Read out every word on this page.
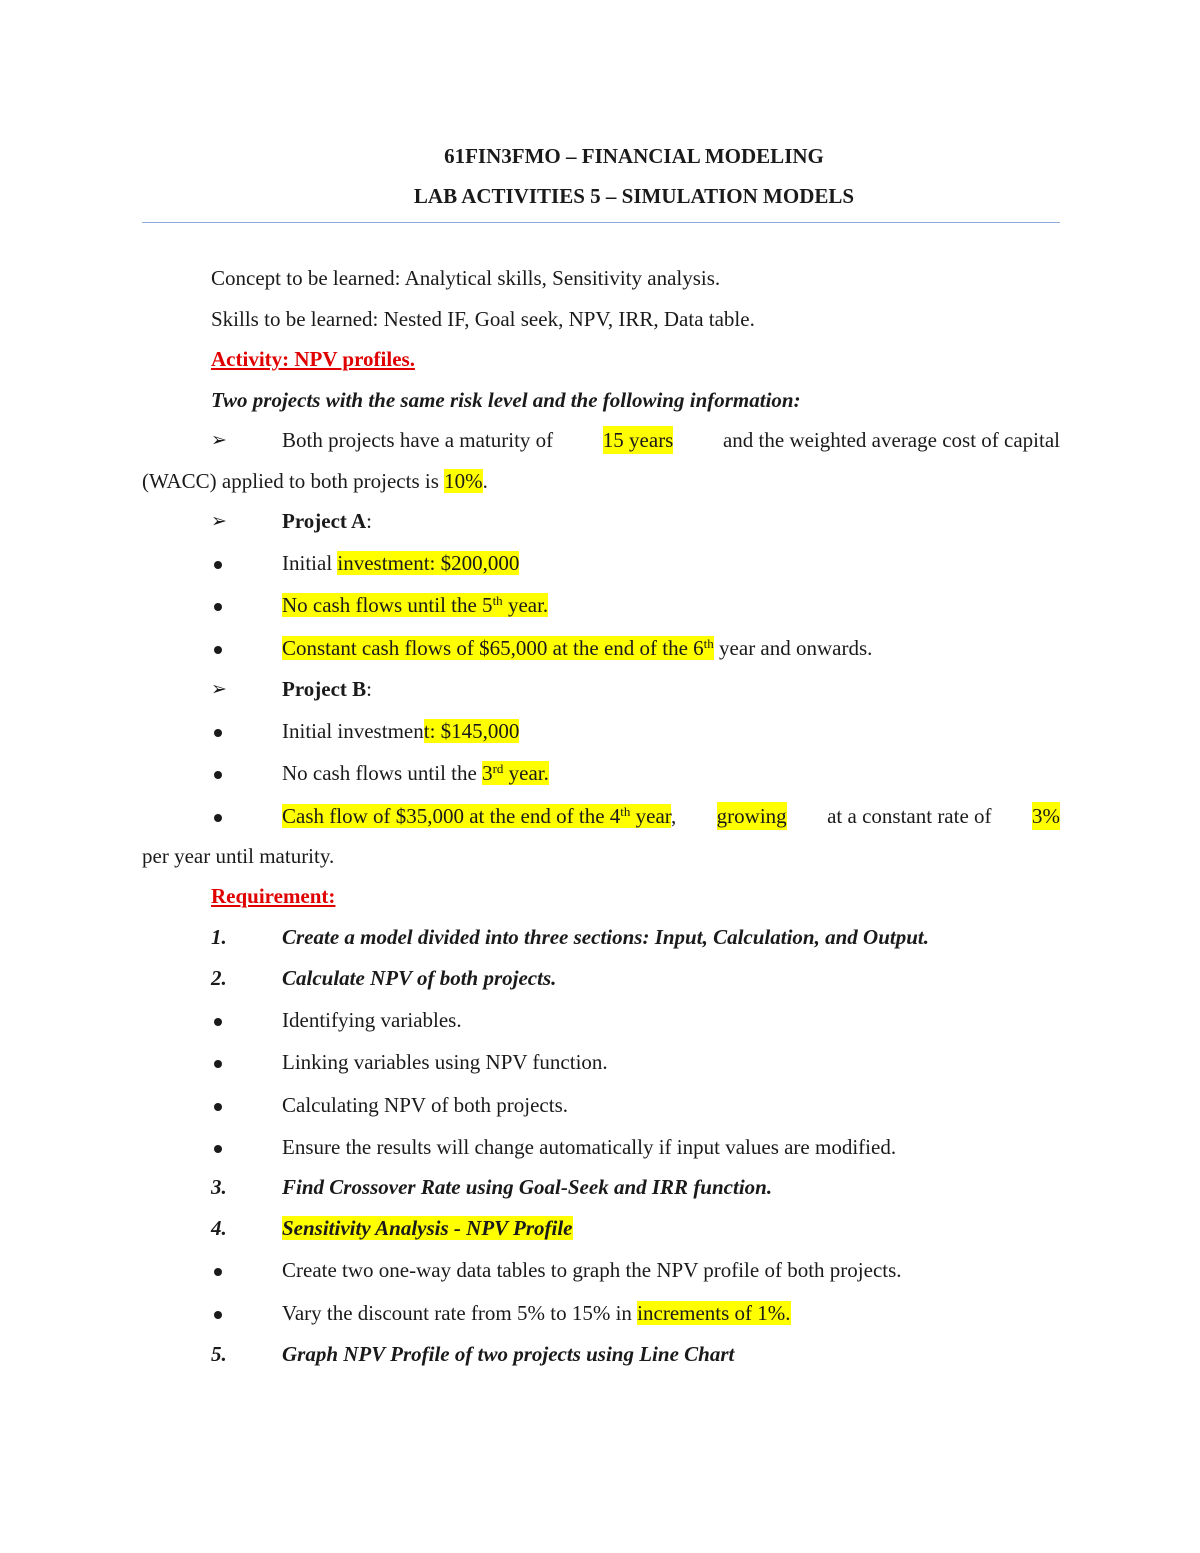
61FIN3FMO – FINANCIAL MODELING
LAB ACTIVITIES 5 – SIMULATION MODELS
Concept to be learned: Analytical skills, Sensitivity analysis.
Skills to be learned: Nested IF, Goal seek, NPV, IRR, Data table.
Activity: NPV profiles.
Two projects with the same risk level and the following information:
➢	Both projects have a maturity of 15 years and the weighted average cost of capital
(WACC) applied to both projects is 10%.
➢	Project A:
Initial investment: $200,000
No cash flows until the 5th year.
Constant cash flows of $65,000 at the end of the 6th year and onwards.
➢	Project B:
Initial investment: $145,000
No cash flows until the 3rd year.
Cash flow of $35,000 at the end of the 4th year, growing at a constant rate of 3%
per year until maturity.
Requirement:
1.	Create a model divided into three sections: Input, Calculation, and Output.
2.	Calculate NPV of both projects.
Identifying variables.
Linking variables using NPV function.
Calculating NPV of both projects.
Ensure the results will change automatically if input values are modified.
3.	Find Crossover Rate using Goal-Seek and IRR function.
4.	Sensitivity Analysis - NPV Profile
Create two one-way data tables to graph the NPV profile of both projects.
Vary the discount rate from 5% to 15% in increments of 1%.
5.	Graph NPV Profile of two projects using Line Chart
